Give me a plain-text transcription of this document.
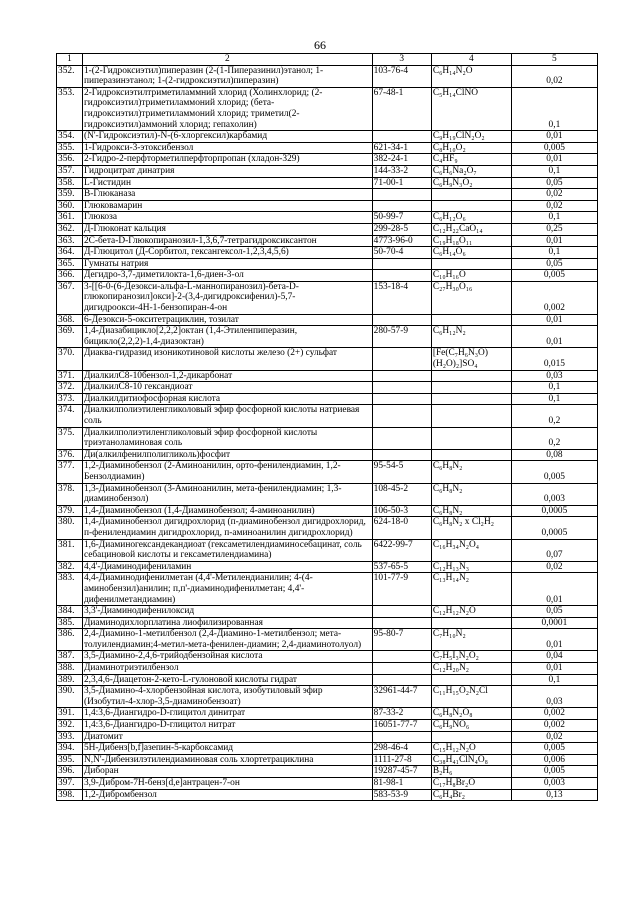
66
1	2	3	4	5
352.	1-(2-Гидроксиэтил)пиперазин (2-(1-Пиперазинил)этанол; 1-пиперазинэтанол; 1-(2-гидроксиэтил)пиперазин)	103-76-4	C₆H₁₄N₂O	0,02
353.	2-Гидроксиэтилтриметиламмний хлорид (Холинхлорид; (2-гидроксиэтил)триметиламмоний хлорид; (бета-гидроксиэтил)триметиламмоний хлорид; триметил(2-гидроксиэтил)аммоний хлорид; гепахолин)	67-48-1	C₅H₁₄ClNO	0,1
354.	(N'-Гидроксиэтил)-N-(6-хлоргексил)карбамид		C₉H₁₉ClN₂O₂	0,01
355.	1-Гидрокси-3-этоксибензол	621-34-1	C₈H₁₀O₂	0,005
356.	2-Гидро-2-перфторметилперфторпропан (хладон-329)	382-24-1	C₄HF₉	0,01
357.	Гидроцитрат динатрия	144-33-2	C₆H₆Na₂O₇	0,1
358.	L-Гистидин	71-00-1	C₆H₉N₃O₂	0,05
359.	В-Глюканаза			0,02
360.	Глюковамарин			0,02
361.	Глюкоза	50-99-7	C₆H₁₂O₆	0,1
362.	Д-Глюконат кальция	299-28-5	C₁₂H₂₂CaO₁₄	0,25
363.	2С-бета-D-Глюкопиранозил-1,3,6,7-тетрагидроксиксантон	4773-96-0	C₁₉H₁₈O₁₁	0,01
364.	Д-Глюцитол (Д-Сорбитол, гексангексол-1,2,3,4,5,6)	50-70-4	C₆H₁₄O₆	0,1
365.	Гумнаты натрия			0,05
366.	Дегидро-3,7-диметилокта-1,6-диен-3-ол		C₁₀H₁₆O	0,005
367.	3-[[6-0-(6-Дезокси-альфа-L-маннопиранозил)-бета-D-глюкопиранозил]окси]-2-(3,4-дигидроксифенил)-5,7-дигидроокси-4Н-1-бензопиран-4-он	153-18-4	C₂₇H₃₀O₁₆	0,002
368.	6-Дезокси-5-окситетрациклин, тозилат			0,01
369.	1,4-Диазабицикло[2,2,2]октан (1,4-Этиленпиперазин, бицикло(2,2,2)-1,4-диазоктан)	280-57-9	C₆H₁₂N₂	0,01
370.	Диаква-гидразид изоникотиновой кислоты железо (2+) сульфат		[Fe(C₇H₆N₃O)(H₂O)₂]SO₄	0,015
371.	ДиалкилС8-10бензол-1,2-дикарбонат			0,03
372.	ДиалкилС8-10 гександиоат			0,1
373.	Диалкилдитиофосфорная кислота			0,1
374.	Диалкилполиэтиленгликоловый эфир фосфорной кислоты натриевая соль			0,2
375.	Диалкилполиэтиленгликоловый эфир фосфорной кислоты триэтаноламиновая соль			0,2
376.	Ди(алкилфенилполигликоль)фосфит			0,08
377.	1,2-Диаминобензол (2-Аминоанилин, орто-фенилендиамин, 1,2-Бензолдиамин)	95-54-5	C₆H₈N₂	0,005
378.	1,3-Диаминобензол (3-Аминоанилин, мета-фенилендиамин; 1,3-диаминобензол)	108-45-2	C₆H₈N₂	0,003
379.	1,4-Диаминобензол (1,4-Диаминобензол; 4-аминоанилин)	106-50-3	C₆H₈N₂	0,0005
380.	1,4-Диаминобензол дигидрохлорид (п-диаминобензол дигидрохлорид, п-фенилендиамин дигидрохлорид, п-аминоанилин дигидрохлорид)	624-18-0	C₆H₈N₂ x Cl₂H₂	0,0005
381.	1,6-Диаминогександекандиоат (гексаметилендиаминосебацинат, соль себациновой кислоты и гексаметилендиамина)	6422-99-7	C₁₆H₃₄N₂O₄	0,07
382.	4,4'-Диаминодифениламин	537-65-5	C₁₂H₁₃N₃	0,02
383.	4,4-Диаминодифенилметан (4,4'-Метилендианилин; 4-(4-аминобензил)анилин; п,п'-диаминодифенилметан; 4,4'-дифенилметандиамин)	101-77-9	C₁₃H₁₄N₂	0,01
384.	3,3'-Диаминодифенилоксид		C₁₂H₁₂N₂O	0,05
385.	Диаминодихлорплатина лиофилизированная			0,0001
386.	2,4-Диамино-1-метилбензол (2,4-Диамино-1-метилбензол; мета-толуилендиамин;4-метил-мета-фенилен-диамин; 2,4-диаминотолуол)	95-80-7	C₇H₁₀N₂	0,01
387.	3,5-Диамино-2,4,6-трийодбензойная кислота		C₇H₅I₃N₂O₂	0,04
388.	Диаминотриэтилбензол		C₁₂H₂₀N₂	0,01
389.	2,3,4,6-Диацетон-2-кето-L-гулоновой кислоты гидрат			0,1
390.	3,5-Диамино-4-хлорбензойная кислота, изобутиловый эфир (Изобутил-4-хлор-3,5-диаминобензоат)	32961-44-7	C₁₁H₁₅O₂N₂Cl	0,03
391.	1,4:3,6-Диангидро-D-глицитол динитрат	87-33-2	C₆H₈N₂O₈	0,002
392.	1,4:3,6-Диангидро-D-глицитол нитрат	16051-77-7	C₆H₉NO₆	0,002
393.	Диатомит			0,02
394.	5Н-Дибенз[b,f]азепин-5-карбоксамид	298-46-4	C₁₅H₁₂N₂O	0,005
395.	N,N'-Дибензилэтилендиаминовая соль хлортетрациклина	1111-27-8	C₃₈H₄₁ClN₄O₈	0,006
396.	Диборан	19287-45-7	B₂H₆	0,005
397.	3,9-Дибром-7Н-бенз[d,e]антрацен-7-он	81-98-1	C₁₇H₈Br₂O	0,003
398.	1,2-Дибромбензол	583-53-9	C₆H₄Br₂	0,13
